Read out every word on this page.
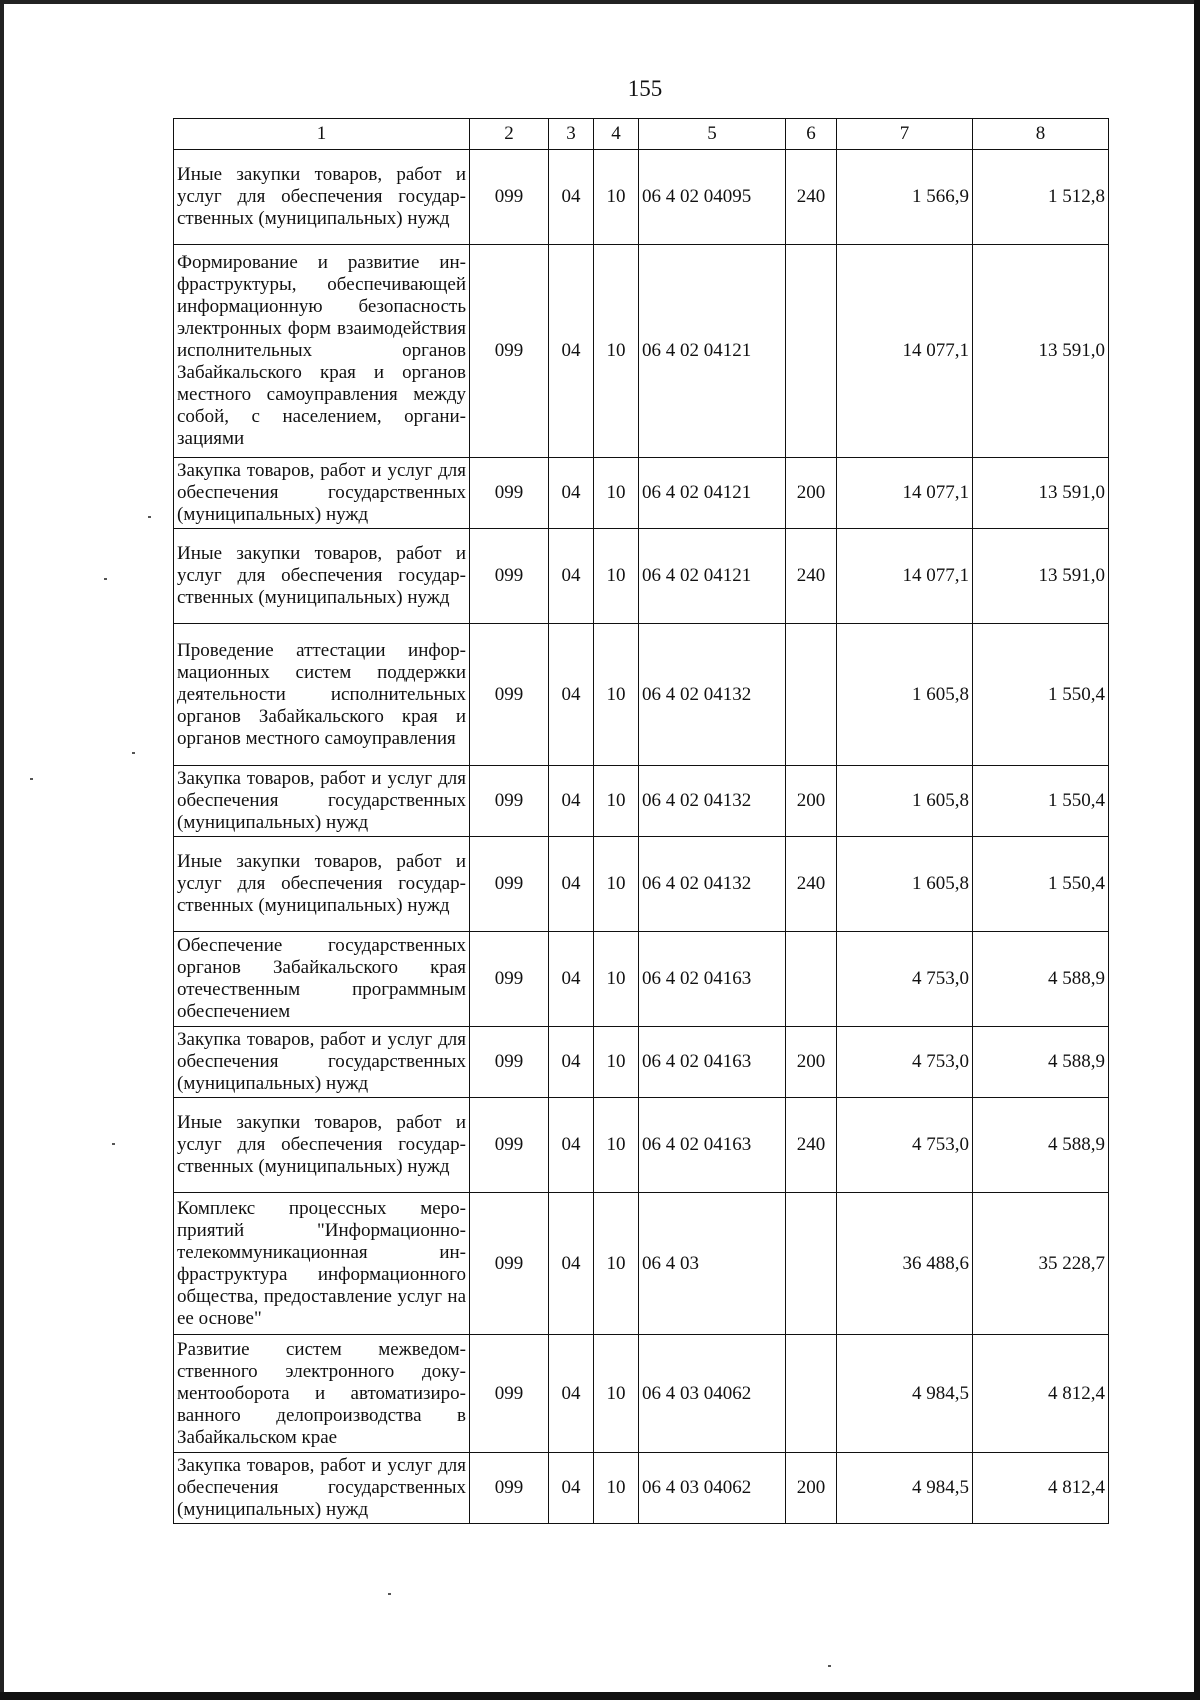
155
1	2	3	4	5	6	7	8
Иные закупки товаров, работ и услуг для обеспечения государственных (муниципальных) нужд	099	04	10	06 4 02 04095	240	1 566,9	1 512,8
Формирование и развитие инфраструктуры, обеспечивающей информационную безопасность электронных форм взаимодействия исполнительных органов Забайкальского края и органов местного самоуправления между собой, с населением, организациями	099	04	10	06 4 02 04121		14 077,1	13 591,0
Закупка товаров, работ и услуг для обеспечения государственных (муниципальных) нужд	099	04	10	06 4 02 04121	200	14 077,1	13 591,0
Иные закупки товаров, работ и услуг для обеспечения государственных (муниципальных) нужд	099	04	10	06 4 02 04121	240	14 077,1	13 591,0
Проведение аттестации информационных систем поддержки деятельности исполнительных органов Забайкальского края и органов местного самоуправления	099	04	10	06 4 02 04132		1 605,8	1 550,4
Закупка товаров, работ и услуг для обеспечения государственных (муниципальных) нужд	099	04	10	06 4 02 04132	200	1 605,8	1 550,4
Иные закупки товаров, работ и услуг для обеспечения государственных (муниципальных) нужд	099	04	10	06 4 02 04132	240	1 605,8	1 550,4
Обеспечение государственных органов Забайкальского края отечественным программным обеспечением	099	04	10	06 4 02 04163		4 753,0	4 588,9
Закупка товаров, работ и услуг для обеспечения государственных (муниципальных) нужд	099	04	10	06 4 02 04163	200	4 753,0	4 588,9
Иные закупки товаров, работ и услуг для обеспечения государственных (муниципальных) нужд	099	04	10	06 4 02 04163	240	4 753,0	4 588,9
Комплекс процессных мероприятий "Информационно-телекоммуникационная инфраструктура информационного общества, предоставление услуг на ее основе"	099	04	10	06 4 03		36 488,6	35 228,7
Развитие систем межведомственного электронного документооборота и автоматизированного делопроизводства в Забайкальском крае	099	04	10	06 4 03 04062		4 984,5	4 812,4
Закупка товаров, работ и услуг для обеспечения государственных (муниципальных) нужд	099	04	10	06 4 03 04062	200	4 984,5	4 812,4
